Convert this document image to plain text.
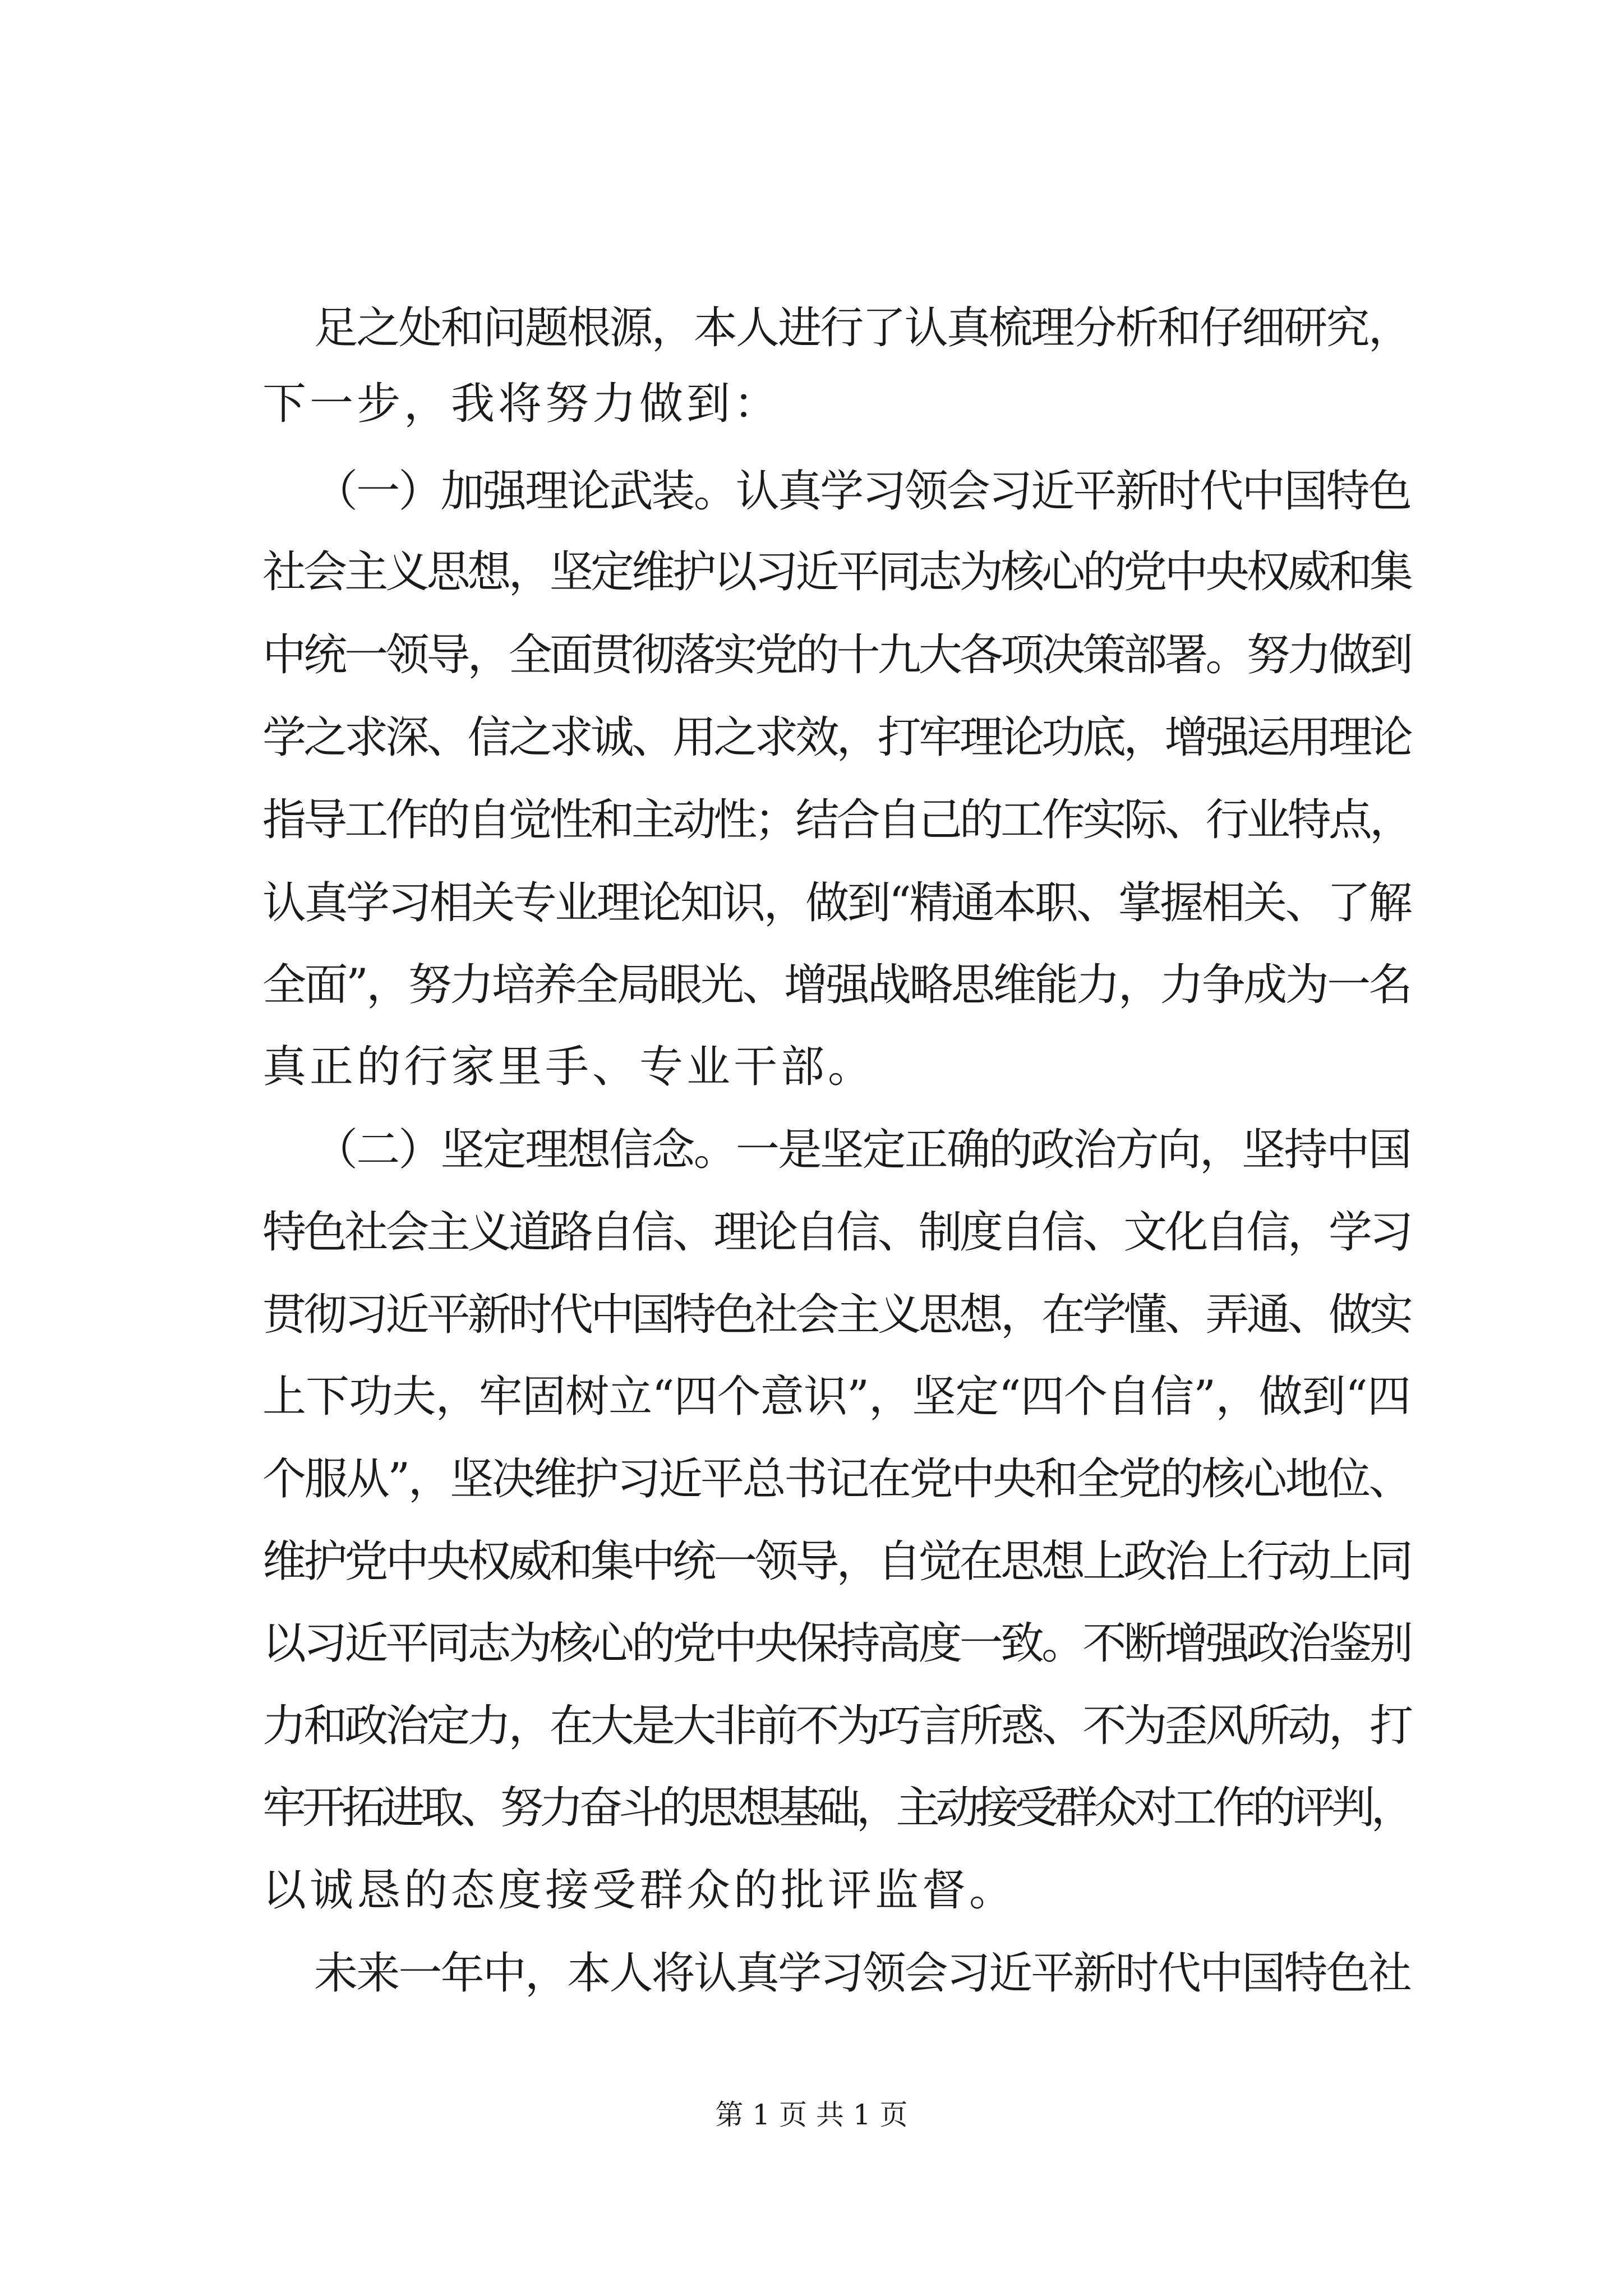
足之处和问题根源，本人进行了认真梳理分析和仔细研究，
下一步，我将努力做到：
（一）加强理论武装。认真学习领会习近平新时代中国特色
社会主义思想，坚定维护以习近平同志为核心的党中央权威和集
中统一领导，全面贯彻落实党的十九大各项决策部署。努力做到
学之求深、信之求诚、用之求效，打牢理论功底，增强运用理论
指导工作的自觉性和主动性；结合自己的工作实际、行业特点，
认真学习相关专业理论知识，做到“精通本职、掌握相关、了解
全面”，努力培养全局眼光、增强战略思维能力，力争成为一名
真正的行家里手、专业干部。
（二）坚定理想信念。一是坚定正确的政治方向，坚持中国
特色社会主义道路自信、理论自信、制度自信、文化自信，学习
贯彻习近平新时代中国特色社会主义思想，在学懂、弄通、做实
上下功夫，牢固树立“四个意识”，坚定“四个自信”，做到“四
个服从”，坚决维护习近平总书记在党中央和全党的核心地位、
维护党中央权威和集中统一领导，自觉在思想上政治上行动上同
以习近平同志为核心的党中央保持高度一致。不断增强政治鉴别
力和政治定力，在大是大非前不为巧言所惑、不为歪风所动，打
牢开拓进取、努力奋斗的思想基础，主动接受群众对工作的评判，
以诚恳的态度接受群众的批评监督。
未来一年中，本人将认真学习领会习近平新时代中国特色社
第 1 页 共 1 页
